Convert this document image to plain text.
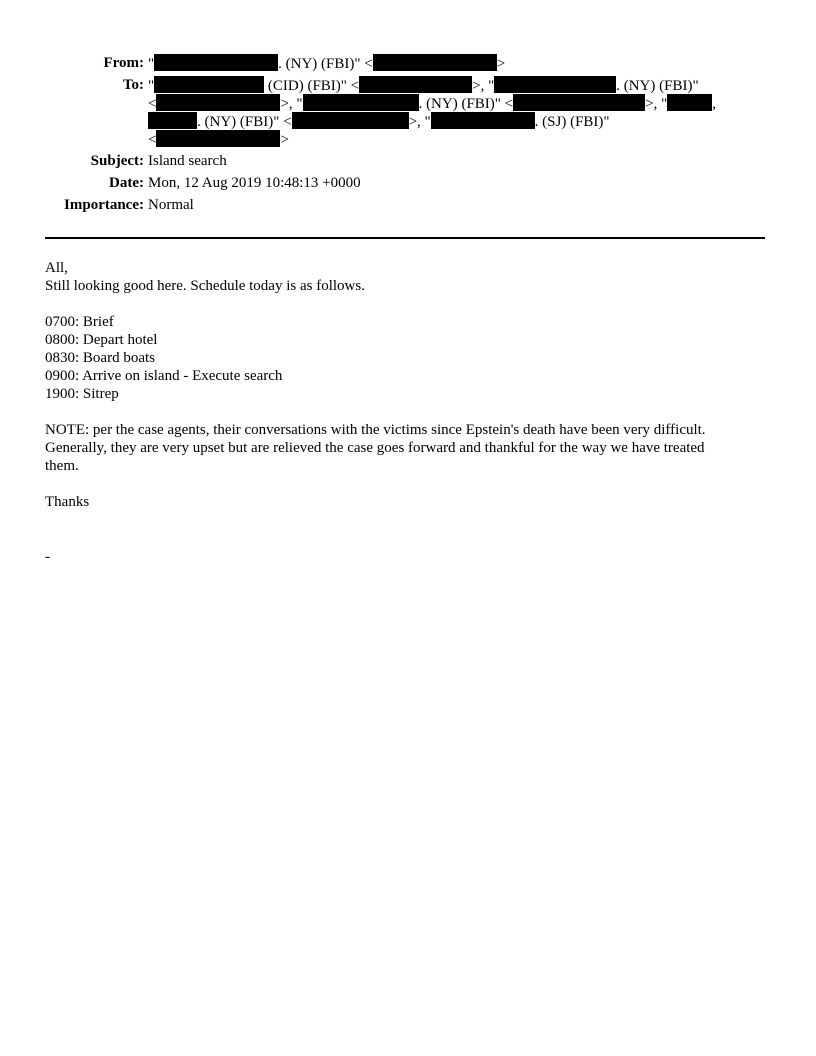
From: "	. (NY) (FBI)" <	>
To: "	(CID) (FBI)" <	>, "	. (NY) (FBI)"
<	>, "	. (NY) (FBI)" <	>, "	,
. (NY) (FBI)" <	>, "	. (SJ) (FBI)"
<	>
Subject: Island search
Date: Mon, 12 Aug 2019 10:48:13 +0000
Importance: Normal
All,
Still looking good here. Schedule today is as follows.
0700: Brief
0800: Depart hotel
0830: Board boats
0900: Arrive on island - Execute search
1900: Sitrep
NOTE: per the case agents, their conversations with the victims since Epstein's death have been very difficult.
Generally, they are very upset but are relieved the case goes forward and thankful for the way we have treated
them.
Thanks
-
